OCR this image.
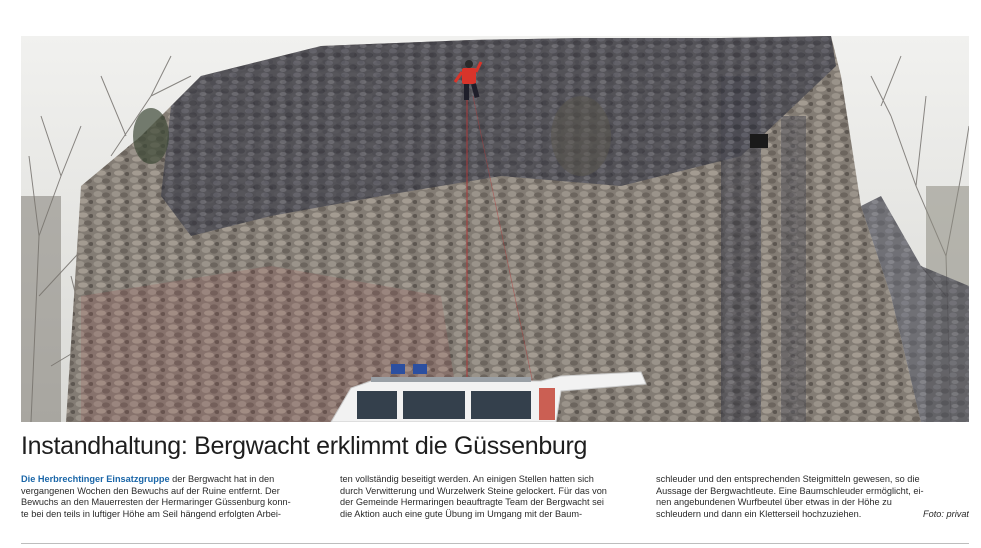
Instandhaltung: Bergwacht erklimmt die Güssenburg
Die Herbrechtinger Einsatzgruppe der Bergwacht hat in den
vergangenen Wochen den Bewuchs auf der Ruine entfernt. Der
Bewuchs an den Mauerresten der Hermaringer Güssenburg konn-
te bei den teils in luftiger Höhe am Seil hängend erfolgten Arbei-
ten vollständig beseitigt werden. An einigen Stellen hatten sich
durch Verwitterung und Wurzelwerk Steine gelockert. Für das von
der Gemeinde Hermaringen beauftragte Team der Bergwacht sei
die Aktion auch eine gute Übung im Umgang mit der Baum-
schleuder und den entsprechenden Steigmitteln gewesen, so die
Aussage der Bergwachtleute. Eine Baumschleuder ermöglicht, ei-
nen angebundenen Wurfbeutel über etwas in der Höhe zu
schleudern und dann ein Kletterseil hochzuziehen.	Foto: privat
